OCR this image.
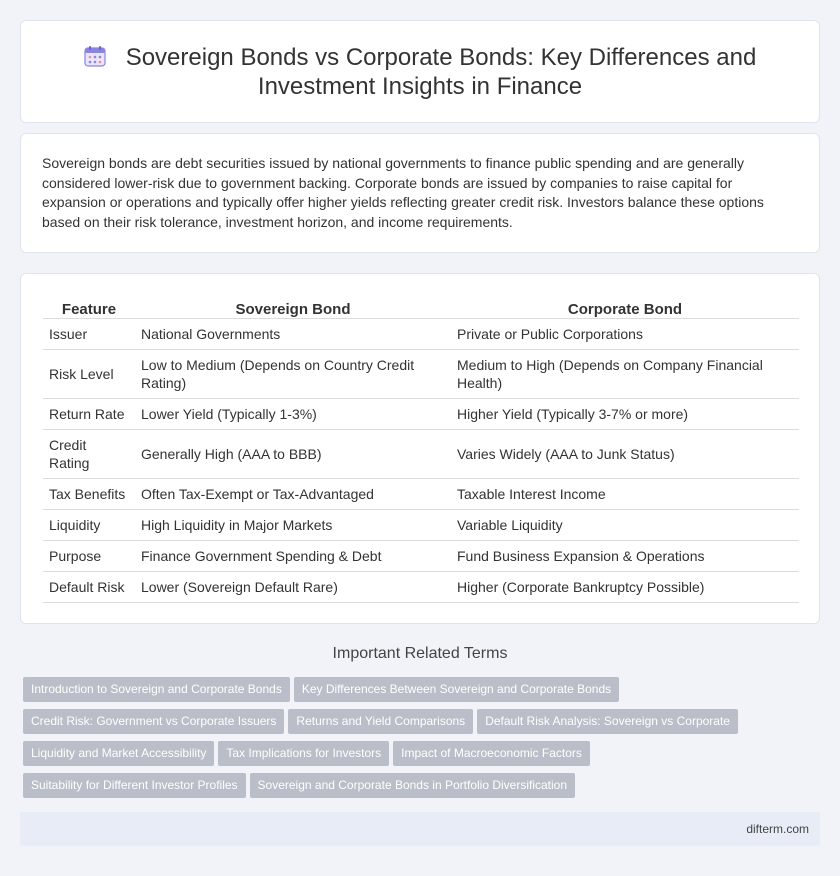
Sovereign Bonds vs Corporate Bonds: Key Differences and
Investment Insights in Finance

Sovereign bonds are debt securities issued by national governments to finance public spending and are generally considered lower-risk due to government backing. Corporate bonds are issued by companies to raise capital for expansion or operations and typically offer higher yields reflecting greater credit risk. Investors balance these options based on their risk tolerance, investment horizon, and income requirements.

Feature	Sovereign Bond	Corporate Bond
Issuer	National Governments	Private or Public Corporations
Risk Level	Low to Medium (Depends on Country Credit Rating)	Medium to High (Depends on Company Financial Health)
Return Rate	Lower Yield (Typically 1-3%)	Higher Yield (Typically 3-7% or more)
Credit Rating	Generally High (AAA to BBB)	Varies Widely (AAA to Junk Status)
Tax Benefits	Often Tax-Exempt or Tax-Advantaged	Taxable Interest Income
Liquidity	High Liquidity in Major Markets	Variable Liquidity
Purpose	Finance Government Spending & Debt	Fund Business Expansion & Operations
Default Risk	Lower (Sovereign Default Rare)	Higher (Corporate Bankruptcy Possible)
Important Related Terms
Introduction to Sovereign and Corporate Bonds Key Differences Between Sovereign and Corporate Bonds
Credit Risk: Government vs Corporate Issuers Returns and Yield Comparisons Default Risk Analysis: Sovereign vs Corporate
Liquidity and Market Accessibility Tax Implications for Investors Impact of Macroeconomic Factors
Suitability for Different Investor Profiles Sovereign and Corporate Bonds in Portfolio Diversification
difterm.com
